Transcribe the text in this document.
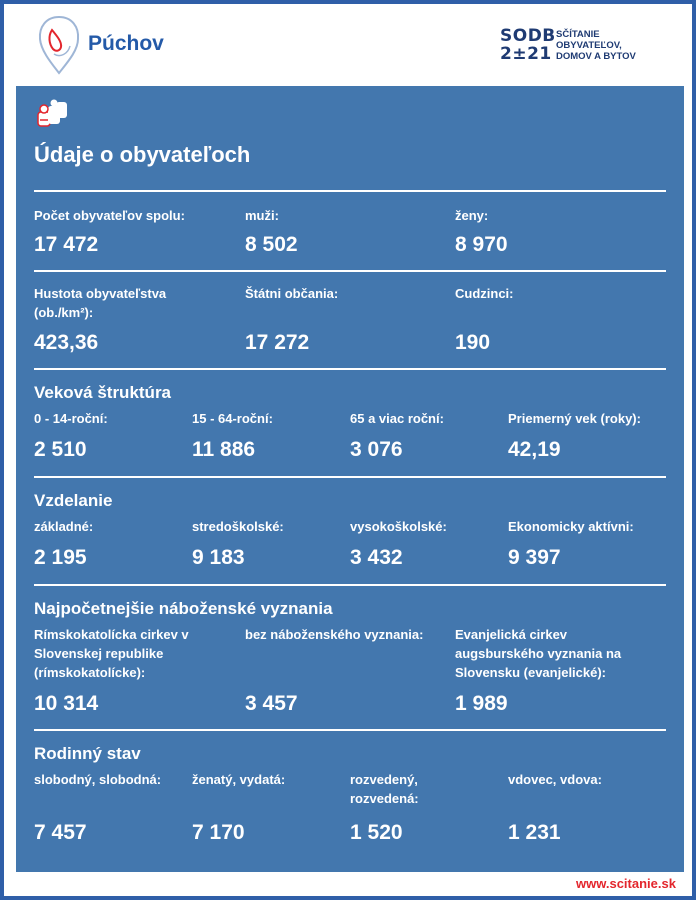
Púchov	SODB
2±21
SČÍTANIE
OBYVATEĽOV,
DOMOV A BYTOV
Údaje o obyvateľoch
Počet obyvateľov spolu:
17 472
muži:
8 502
ženy:
8 970
Hustota obyvateľstva
(ob./km²):
423,36
Štátni občania:
17 272
Cudzinci:
190
Veková štruktúra
0 - 14-roční:
2 510
15 - 64-roční:
11 886
65 a viac roční:
3 076
Priemerný vek (roky):
42,19
Vzdelanie
základné:
2 195
stredoškolské:
9 183
vysokoškolské:
3 432
Ekonomicky aktívni:
9 397
Najpočetnejšie náboženské vyznania
Rímskokatolícka cirkev v
Slovenskej republike
(rímskokatolícke):
10 314
bez náboženského vyznania:
3 457
Evanjelická cirkev
augsburského vyznania na
Slovensku (evanjelické):
1 989
Rodinný stav
slobodný, slobodná:
7 457
ženatý, vydatá:
7 170
rozvedený,
rozvedená:
1 520
vdovec, vdova:
1 231
www.scitanie.sk
